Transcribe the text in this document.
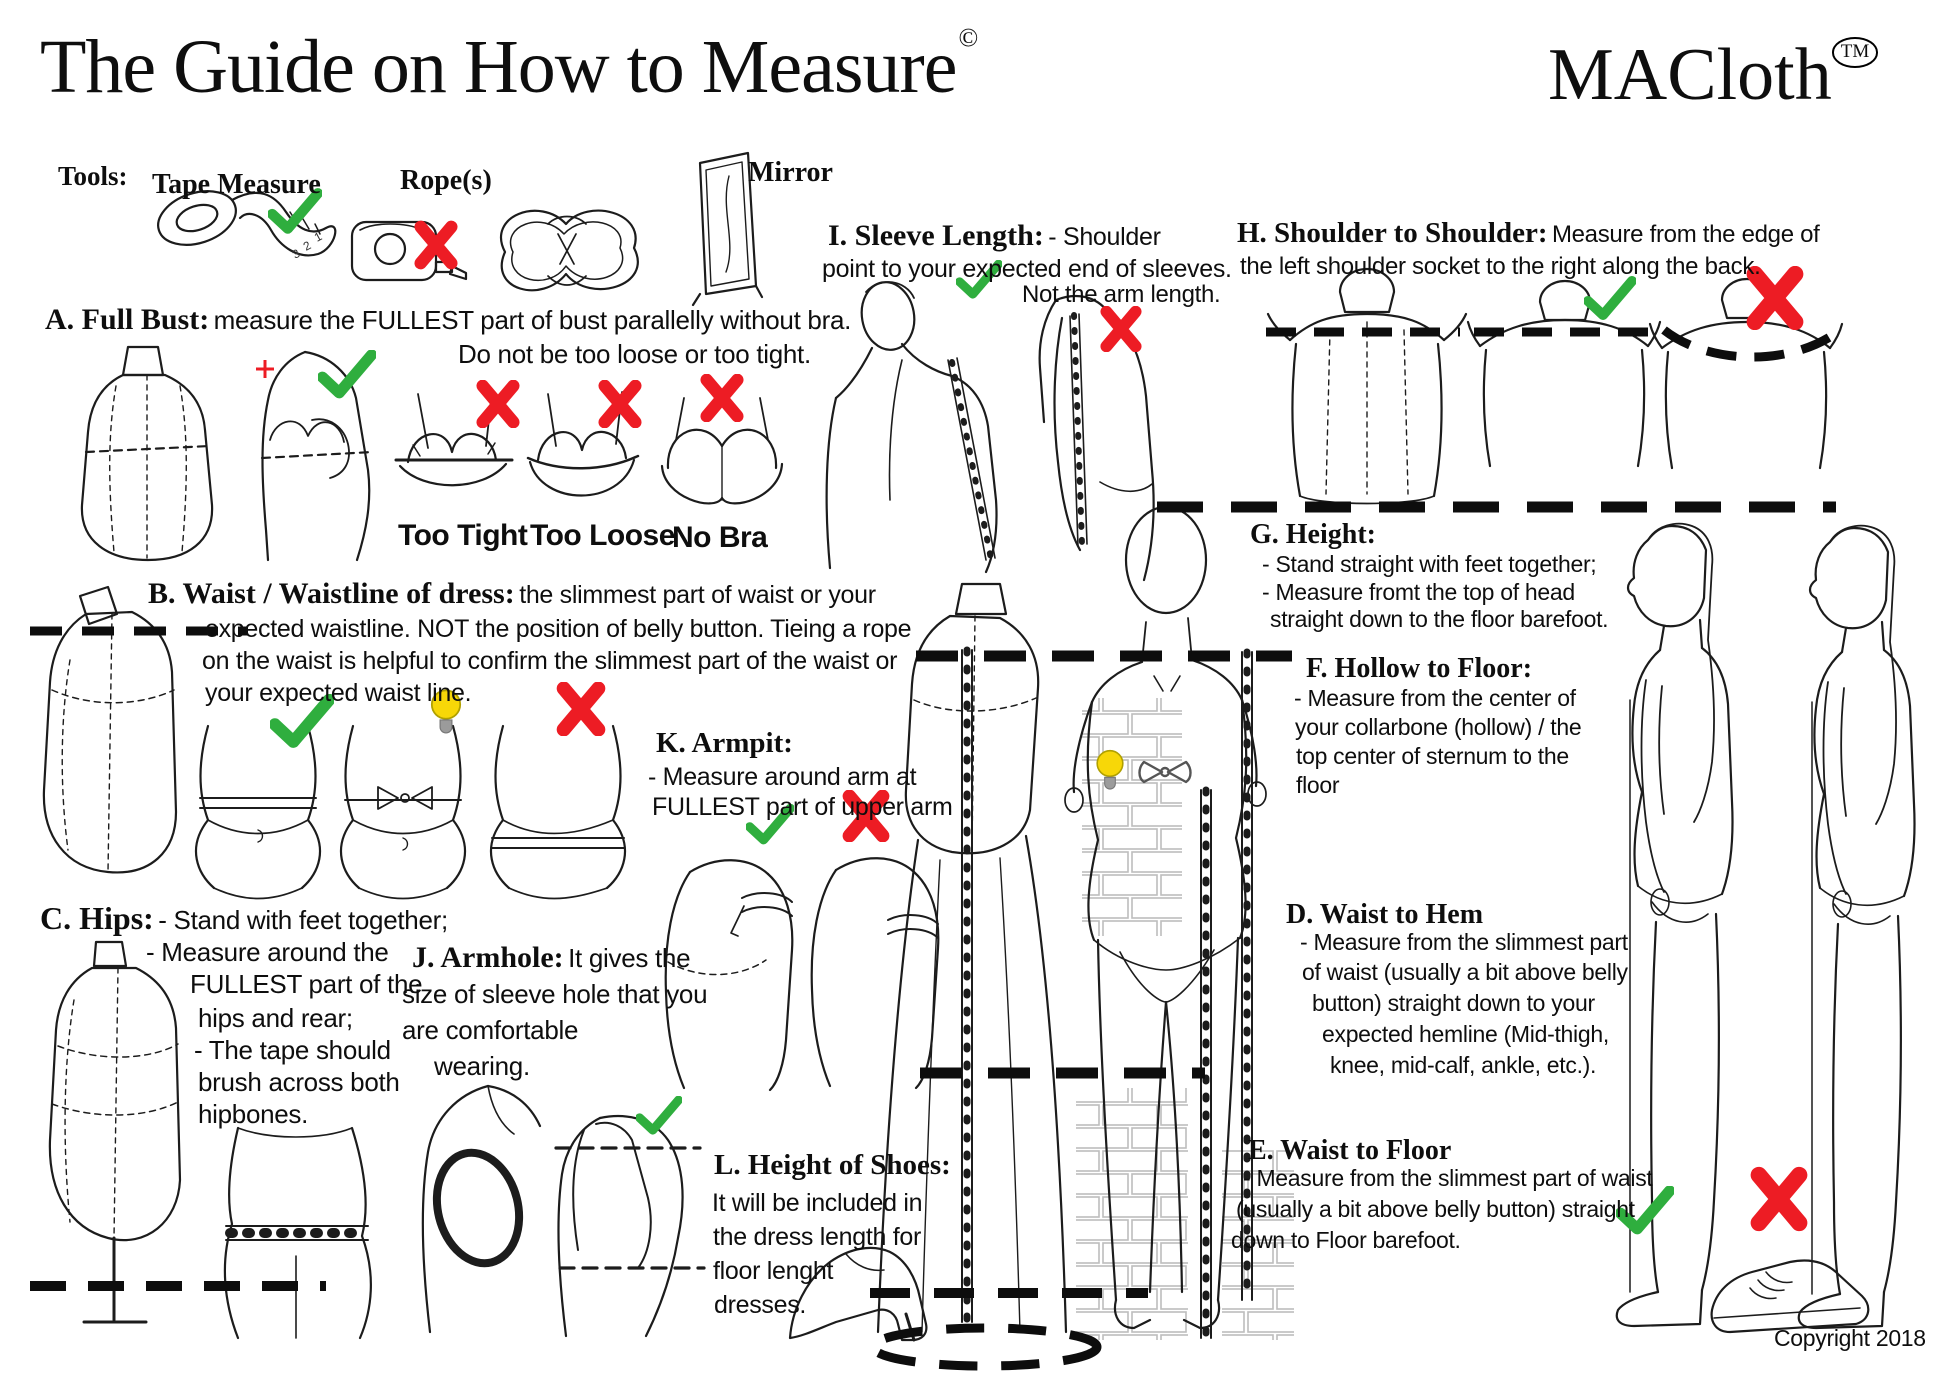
1
2
3
The Guide on How to Measure©	MACloth TM
Tools: Tape Measure	Rope(s)	Mirror
I. Sleeve Length: - Shoulder
point to your expected end of sleeves.
Not the arm length.
H. Shoulder to Shoulder: Measure from the edge of
the left shoulder socket to the right along the back.
A. Full Bust: measure the FULLEST part of bust parallelly without bra.
Do not be too loose or too tight.
Too Tight Too Loose
No Bra
B. Waist / Waistline of dress: the slimmest part of waist or your
expected waistline. NOT the position of belly button. Tieing a rope
on the waist is helpful to confirm the slimmest part of the waist or
your expected waist line.
K. Armpit:
- Measure around arm at
FULLEST part of upper arm
G. Height:
- Stand straight with feet together;
- Measure fromt the top of head
straight down to the floor barefoot.
F. Hollow to Floor:
- Measure from the center of
your collarbone (hollow) / the
top center of sternum to the
floor
C. Hips: - Stand with feet together;
- Measure around the
FULLEST part of the
hips and rear;
- The tape should
brush across both
hipbones.
J. Armhole: It gives the
size of sleeve hole that you
are comfortable
wearing.
D. Waist to Hem
- Measure from the slimmest part
of waist (usually a bit above belly
button) straight down to your
expected hemline (Mid-thigh,
knee, mid-calf, ankle, etc.).
E. Waist to Floor
- Measure from the slimmest part of waist
(usually a bit above belly button) straight
down to Floor barefoot.
L. Height of Shoes:
It will be included in
the dress length for
floor lenght
dresses.
Copyright 2018
